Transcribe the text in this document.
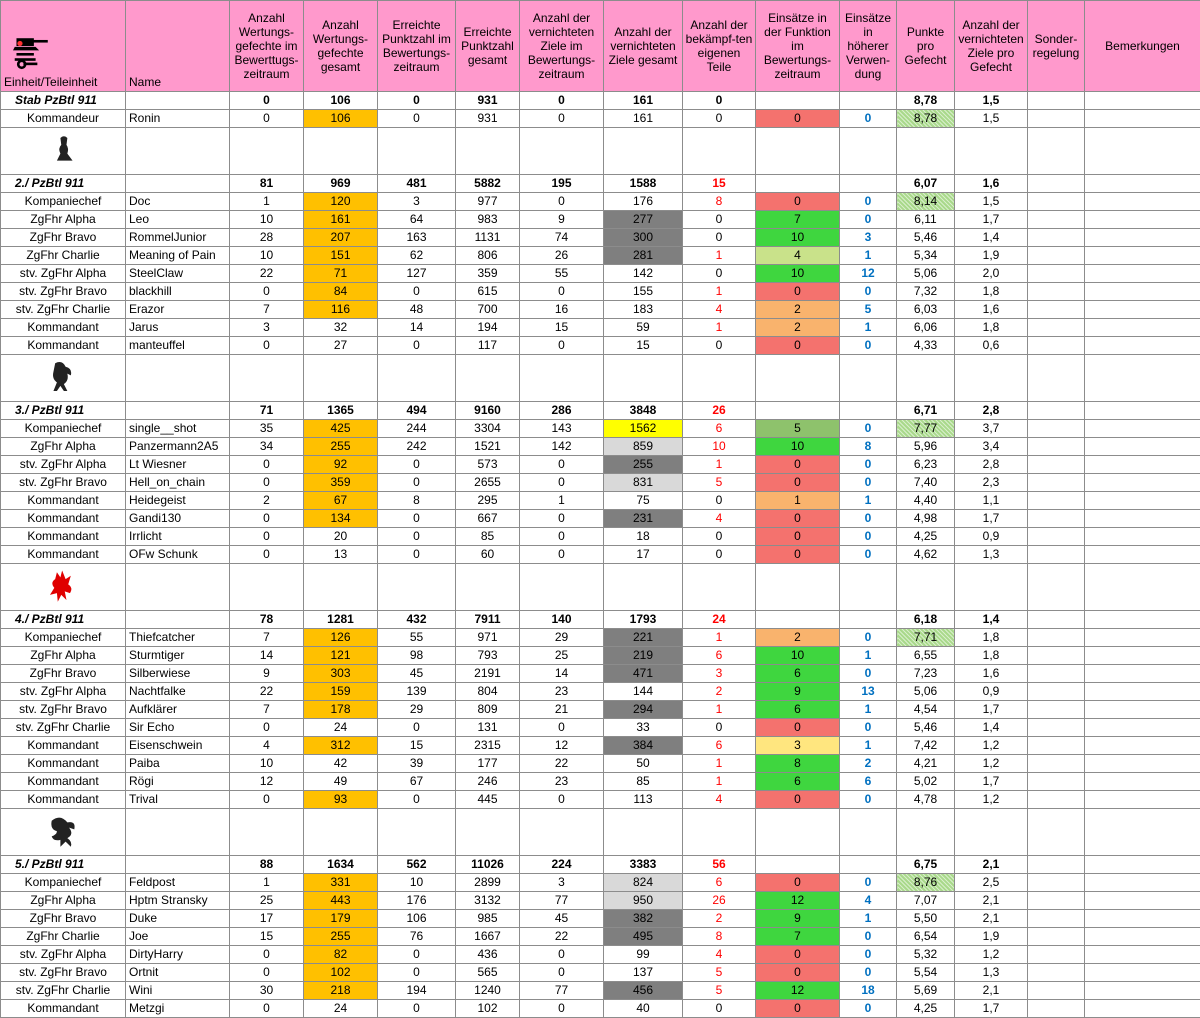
Einheit/Teileinheit	Name	Anzahl Wertungs-gefechte im Bewerttugs-zeitraum	Anzahl Wertungs-gefechte gesamt	Erreichte Punktzahl im Bewertungs-zeitraum	Erreichte Punktzahl gesamt	Anzahl der vernichteten Ziele im Bewertungs-zeitraum	Anzahl der vernichteten Ziele gesamt	Anzahl der bekämpf-ten eigenen Teile	Einsätze in der Funktion im Bewertungs-zeitraum	Einsätze in höherer Verwen-dung	Punkte pro Gefecht	Anzahl der vernichteten Ziele pro Gefecht	Sonder-regelung	Bemerkungen
Stab PzBtl 911		0	106	0	931	0	161	0			8,78	1,5		
Kommandeur	Ronin	0	106	0	931	0	161	0	0	0	8,78	1,5		

2./ PzBtl 911		81	969	481	5882	195	1588	15			6,07	1,6		
Kompaniechef	Doc	1	120	3	977	0	176	8	0	0	8,14	1,5		
ZgFhr Alpha	Leo	10	161	64	983	9	277	0	7	0	6,11	1,7		
ZgFhr Bravo	RommelJunior	28	207	163	1131	74	300	0	10	3	5,46	1,4		
ZgFhr Charlie	Meaning of Pain	10	151	62	806	26	281	1	4	1	5,34	1,9		
stv. ZgFhr Alpha	SteelClaw	22	71	127	359	55	142	0	10	12	5,06	2,0		
stv. ZgFhr Bravo	blackhill	0	84	0	615	0	155	1	0	0	7,32	1,8		
stv. ZgFhr Charlie	Erazor	7	116	48	700	16	183	4	2	5	6,03	1,6		
Kommandant	Jarus	3	32	14	194	15	59	1	2	1	6,06	1,8		
Kommandant	manteuffel	0	27	0	117	0	15	0	0	0	4,33	0,6		

3./ PzBtl 911		71	1365	494	9160	286	3848	26			6,71	2,8		
Kompaniechef	single__shot	35	425	244	3304	143	1562	6	5	0	7,77	3,7		
ZgFhr Alpha	Panzermann2A5	34	255	242	1521	142	859	10	10	8	5,96	3,4		
stv. ZgFhr Alpha	Lt Wiesner	0	92	0	573	0	255	1	0	0	6,23	2,8		
stv. ZgFhr Bravo	Hell_on_chain	0	359	0	2655	0	831	5	0	0	7,40	2,3		
Kommandant	Heidegeist	2	67	8	295	1	75	0	1	1	4,40	1,1		
Kommandant	Gandi130	0	134	0	667	0	231	4	0	0	4,98	1,7		
Kommandant	Irrlicht	0	20	0	85	0	18	0	0	0	4,25	0,9		
Kommandant	OFw Schunk	0	13	0	60	0	17	0	0	0	4,62	1,3		

4./ PzBtl 911		78	1281	432	7911	140	1793	24			6,18	1,4		
Kompaniechef	Thiefcatcher	7	126	55	971	29	221	1	2	0	7,71	1,8		
ZgFhr Alpha	Sturmtiger	14	121	98	793	25	219	6	10	1	6,55	1,8		
ZgFhr Bravo	Silberwiese	9	303	45	2191	14	471	3	6	0	7,23	1,6		
stv. ZgFhr Alpha	Nachtfalke	22	159	139	804	23	144	2	9	13	5,06	0,9		
stv. ZgFhr Bravo	Aufklärer	7	178	29	809	21	294	1	6	1	4,54	1,7		
stv. ZgFhr Charlie	Sir Echo	0	24	0	131	0	33	0	0	0	5,46	1,4		
Kommandant	Eisenschwein	4	312	15	2315	12	384	6	3	1	7,42	1,2		
Kommandant	Paiba	10	42	39	177	22	50	1	8	2	4,21	1,2		
Kommandant	Rögi	12	49	67	246	23	85	1	6	6	5,02	1,7		
Kommandant	Trival	0	93	0	445	0	113	4	0	0	4,78	1,2		

5./ PzBtl 911		88	1634	562	11026	224	3383	56			6,75	2,1		
Kompaniechef	Feldpost	1	331	10	2899	3	824	6	0	0	8,76	2,5		
ZgFhr Alpha	Hptm Stransky	25	443	176	3132	77	950	26	12	4	7,07	2,1		
ZgFhr Bravo	Duke	17	179	106	985	45	382	2	9	1	5,50	2,1		
ZgFhr Charlie	Joe	15	255	76	1667	22	495	8	7	0	6,54	1,9		
stv. ZgFhr Alpha	DirtyHarry	0	82	0	436	0	99	4	0	0	5,32	1,2		
stv. ZgFhr Bravo	Ortnit	0	102	0	565	0	137	5	0	0	5,54	1,3		
stv. ZgFhr Charlie	Wini	30	218	194	1240	77	456	5	12	18	5,69	2,1		
Kommandant	Metzgi	0	24	0	102	0	40	0	0	0	4,25	1,7		
